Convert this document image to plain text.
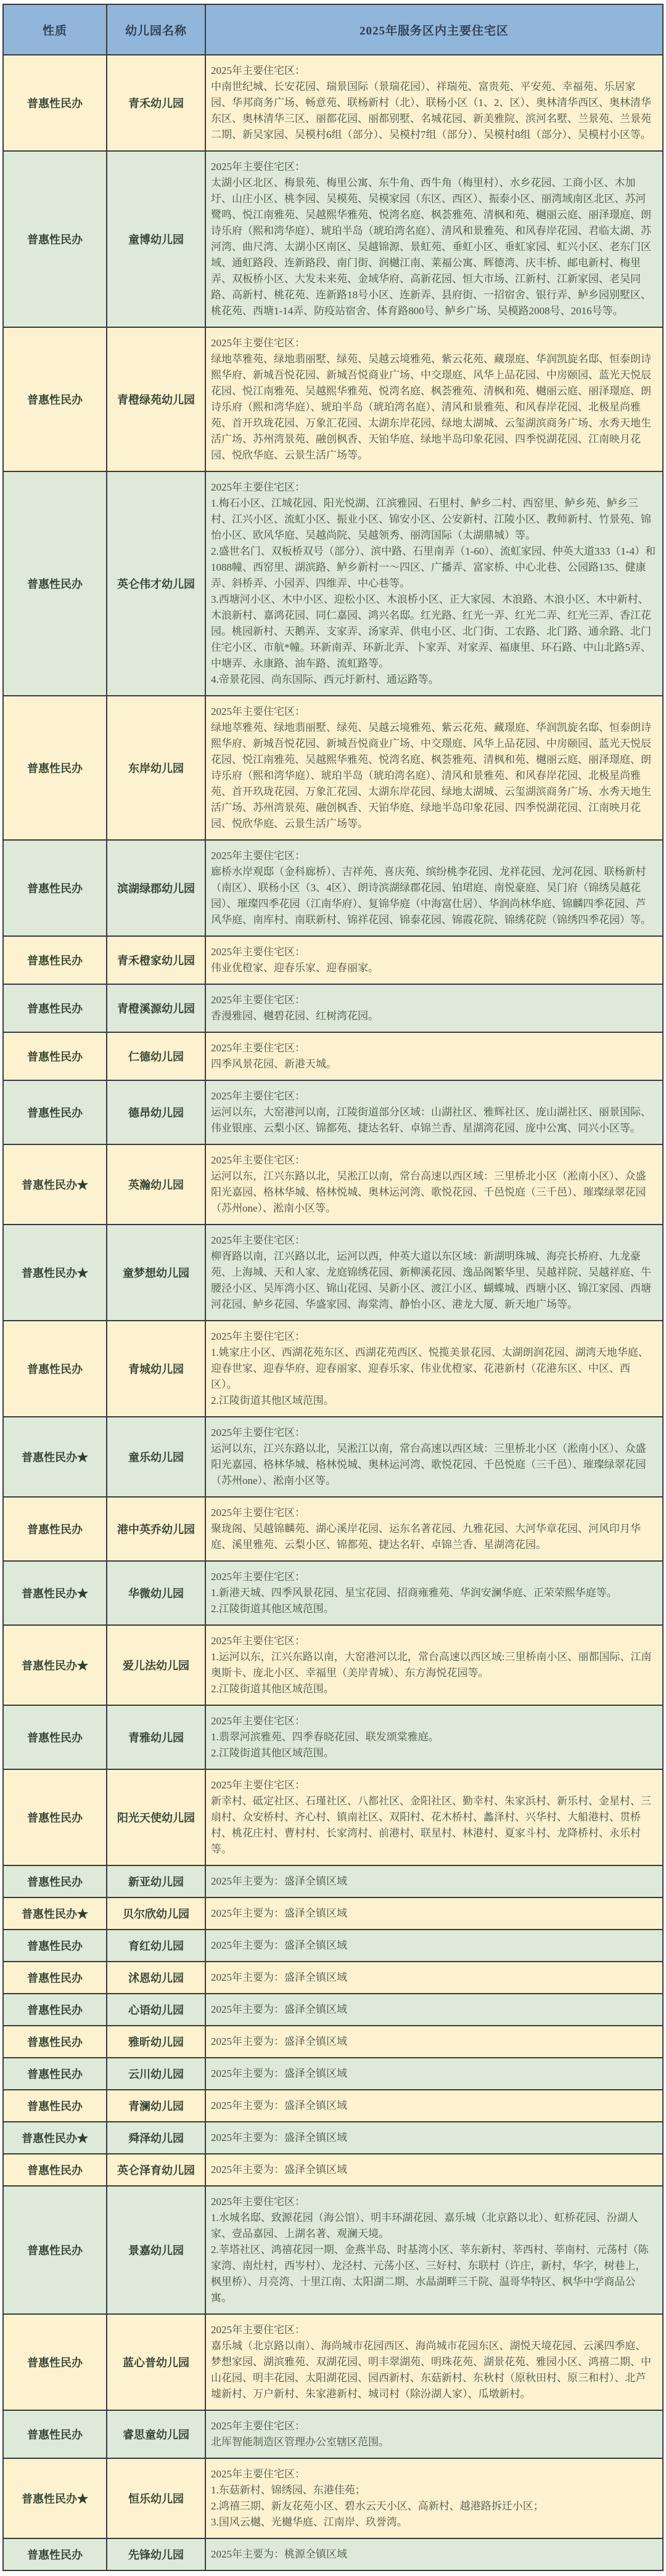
性质	幼儿园名称	2025年服务区内主要住宅区
普惠性民办	青禾幼儿园	2025年主要住宅区：
中南世纪城、长安花园、瑞景国际（景瑞花园）、祥瑞苑、富贵苑、平安苑、幸福苑、乐居家园、华邦商务广场、畅意苑、联杨新村（北）、联杨小区（1、2、区）、奥林清华西区、奥林清华东区、奥林清华三区、丽都花园、丽都别墅、名城花园、新美雅院、滨河名墅、兰景苑、兰景苑二期、新吴家园、吴模村6组（部分）、吴模村7组（部分）、吴模村8组（部分）、吴模村小区等。

普惠性民办	童博幼儿园	2025年主要住宅区：
太湖小区北区、梅景苑、梅里公寓、东牛角、西牛角（梅里村）、水乡花园、工商小区、木加圩、山庄小区、桃李园、吴模苑、吴模家园（东区、西区）、振泰小区、丽湾域南区北区、苏河鹭鸣、悦江南雅苑、吴越熙华雅苑、悦湾名庭、枫荟雅苑、清枫和苑、樾丽云庭、丽泽璟庭、朗诗乐府（熙和湾华庭）、琥珀半岛（琥珀湾名庭）、清风和景雅苑、和风春岸花园、君临太湖、苏河湾、曲尺湾、太湖小区南区、吴越锦源、景虹苑、垂虹小区、垂虹家园、虹兴小区、老东门区域、通虹路段、连新路段、南门街、润樾江南、莱福公寓、辉德湾、庆丰桥、邮电新村、梅里弄、双板桥小区、大发未来苑、金域华府、高新花园、恒大市场、江新村、江新家园、老吴同路、高新村、桃花苑、连新路18号小区、连新弄、县府街、一招宿舍、银行弄、鲈乡园别墅区、桃花苑、西塘1-14弄、防疫站宿舍、体育路800号、鲈乡广场、吴模路2008号、2016号等。

普惠性民办	青橙绿苑幼儿园	2025年主要住宅区：
绿地萃雅苑、绿地翡丽墅、绿苑、吴越云境雅苑、紫云花苑、藏璟庭、华润凯旋名邸、恒泰朗诗熙华府、新城吾悦花园、新城吾悦商业广场、中交璟庭、风华上品花园、中房颐园、蓝光天悦辰花园、悦江南雅苑、吴越熙华雅苑、悦湾名庭、枫荟雅苑、清枫和苑、樾丽云庭、丽泽璟庭、朗诗乐府（熙和湾华庭）、琥珀半岛（琥珀湾名庭）、清风和景雅苑、和风春岸花园、北极星尚雅苑、首开玖珑花园、万象汇花园、太湖东岸花园、绿地太湖城、云玺湖滨商务广场、水秀天地生活广场、苏州湾景苑、融创枫香、天铂华庭、绿地半岛印象花园、四季悦湖花园、江南映月花园、悦欣华庭、云景生活广场等。

普惠性民办	英仑伟才幼儿园	2025年主要住宅区：
1.梅石小区、江城花园、阳光悦湖、江滨雅园、石里村、鲈乡二村、西窑里、鲈乡苑、鲈乡三村、江兴小区、流虹小区、振业小区、锦安小区、公安新村、江陵小区、教师新村、竹景苑、锦怡小区、欧风华庭、吴越尚院、吴越领秀、丽湾国际（太湖鼎城）等。
2.盛世名门、双板桥双号（部分）、滨中路、石里南弄（1-60）、流虹家园、仲英大道333（1-4）和1088幢、西窑里、湖滨路、鲈乡新村一～四区、广播弄、富家桥、中心北巷、公园路135、健康弄、斜桥弄、小园弄、四维弄、中心巷等。
3.西塘河小区、木中小区、迎松小区、木浪桥小区、正大家园、木浪路、木浪小区、木中新村、木浪新村、嘉鸿花园、同仁嘉园、鸿兴名邸。红光路、红光一弄、红光二弄、红光三弄、香江花园。桃园新村、天鹅弄、支家弄、汤家弄、供电小区、北门街、工农路、北门路、通余路、北门住宅小区、市航*幢。环新南弄、环新北弄、卜家弄、对家弄、福康里、环石路、中山北路5弄、中塘弄、永康路、油车路、流虹路等。
4.帝景花园、尚东国际、西元圩新村、通运路等。

普惠性民办	东岸幼儿园	2025年主要住宅区：
绿地萃雅苑、绿地翡丽墅、绿苑、吴越云境雅苑、紫云花苑、藏璟庭、华润凯旋名邸、恒泰朗诗熙华府、新城吾悦花园、新城吾悦商业广场、中交璟庭、风华上品花园、中房颐园、蓝光天悦辰花园、悦江南雅苑、吴越熙华雅苑、悦湾名庭、枫荟雅苑、清枫和苑、樾丽云庭、丽泽璟庭、朗诗乐府（熙和湾华庭）、琥珀半岛（琥珀湾名庭）、清风和景雅苑、和风春岸花园、北极星尚雅苑、首开玖珑花园、万象汇花园、太湖东岸花园、绿地太湖城、云玺湖滨商务广场、水秀天地生活广场、苏州湾景苑、融创枫香、天铂华庭、绿地半岛印象花园、四季悦湖花园、江南映月花园、悦欣华庭、云景生活广场等。

普惠性民办	滨湖绿郡幼儿园	2025年主要住宅区：
廊桥水岸观邸（金科廊桥）、吉祥苑、喜庆苑、缤纷桃李花园、龙祥花园、龙河花园、联杨新村（南区）、联杨小区（3、4区）、朗诗滨湖绿郡花园、铂珺庭、南悦豪庭、吴门府（锦绣吴越花园）、璀璨四季花园（江南华府）、复锦华庭（中海富仕居）、华润尚林华庭、锦麟四季花园、芦风华庭、南库村、南联新村、锦祥花园、锦泰花园、锦霞花院、锦绣花院（锦绣四季花园）等。

普惠性民办	青禾橙家幼儿园	2025年主要住宅区：
伟业优橙家、迎春乐家、迎春丽家。

普惠性民办	青橙溪源幼儿园	2025年主要住宅区：
香漫雅园、樾碧花园、红树湾花园。

普惠性民办	仁德幼儿园	2025年主要住宅区：
四季风景花园、新港天城。

普惠性民办	德昂幼儿园	2025年主要住宅区：
运河以东，大窑港河以南，江陵街道部分区域：山湖社区、雅辉社区、庞山湖社区、丽景国际、伟业银座、云梨小区、锦都苑、捷达名轩、卓锦兰香、星湖湾花园、庞中公寓、同兴小区等。

普惠性民办★	英瀚幼儿园	2025年主要住宅区：
运河以东，江兴东路以北，吴淞江以南，常台高速以西区域：三里桥北小区（淞南小区）、众盛阳光嘉园、格林华城、格林悦城、奥林运河湾、歌悦花园、千邑悦庭（三千邑）、璀璨绿翠花园（苏州one）、淞南小区等。

普惠性民办★	童梦想幼儿园	2025年主要住宅区：
柳胥路以南，江兴路以北，运河以西，仲英大道以东区域：新湖明珠城、海亮长桥府、九龙豪苑、上海城、天和人家、龙庭锦绣花园、新柳溪花园、逸品阁繁华里、吴越祥院、吴越祥庭、牛腰泾小区、吴厍湾小区、锦山花园、吴新小区、渡江小区、蝴蝶城、西塘小区、锦江家园、西塘河花园、鲈乡花园、华盛家园、海棠湾、静怡小区、港龙大厦、新天地广场等。

普惠性民办	青城幼儿园	2025年主要住宅区：
1.姚家庄小区、西湖花苑东区、西湖花苑西区、悦揽美景花园、太湖朗润花园、湖湾天地华庭、迎春世家、迎春华府、迎春丽家、迎春乐家、伟业优橙家、花港新村（花港东区、中区、西区）。
2.江陵街道其他区域范围。

普惠性民办★	童乐幼儿园	2025年主要住宅区：
运河以东，江兴东路以北，吴淞江以南，常台高速以西区域：三里桥北小区（淞南小区）、众盛阳光嘉园、格林华城、格林悦城、奥林运河湾、歌悦花园、千邑悦庭（三千邑）、璀璨绿翠花园（苏州one）、淞南小区等。

普惠性民办	港中英乔幼儿园	2025年主要住宅区：
聚珑阁、吴越锦麟苑、湖心溪岸花园、运东名著花园、九雅花园、大河华章花园、河风印月华庭、溪里雅苑、云梨小区、锦都苑、捷达名轩、卓锦兰香、星湖湾花园。

普惠性民办★	华微幼儿园	2025年主要住宅区：
1.新港天城、四季风景花园、星宝花园、招商雍雅苑、华润安澜华庭、正荣荣熙华庭等。
2.江陵街道其他区域范围。

普惠性民办★	爱儿法幼儿园	2025年主要住宅区：
1.运河以东，江兴东路以南，大窑港河以北，常台高速以西区域:三里桥南小区、丽都国际、江南奥斯卡、庞北小区、幸福里（美岸青城）、东方海悦花园等。
2.江陵街道其他区域范围。

普惠性民办	青雅幼儿园	2025年主要住宅区：
1.翡翠河滨雅苑、四季春晓花园、联发颂棠雅庭。
2.江陵街道其他区域范围。

普惠性民办	阳光天使幼儿园	2025年主要住宅区：
新幸村、砥定社区、石瑾社区、八都社区、金阳社区、勤幸村、朱家浜村、新乐村、金星村、三扇村、众安桥村、齐心村、镇南社区、双阳村、花木桥村、蠡泽村、兴华村、大船港村、贯桥村、桃花庄村、曹村村、长家湾村、前港村、联星村、林港村、夏家斗村、龙降桥村、永乐村等。

普惠性民办	新亚幼儿园	2025年主要为：盛泽全镇区域

普惠性民办★	贝尔欣幼儿园	2025年主要为：盛泽全镇区域

普惠性民办	育红幼儿园	2025年主要为：盛泽全镇区域

普惠性民办	沭恩幼儿园	2025年主要为：盛泽全镇区域

普惠性民办	心语幼儿园	2025年主要为：盛泽全镇区域

普惠性民办	雅昕幼儿园	2025年主要为：盛泽全镇区域

普惠性民办	云川幼儿园	2025年主要为：盛泽全镇区域

普惠性民办	青澜幼儿园	2025年主要为：盛泽全镇区域

普惠性民办★	舜泽幼儿园	2025年主要为：盛泽全镇区域

普惠性民办	英仑泽育幼儿园	2025年主要为：盛泽全镇区域

普惠性民办	景嘉幼儿园	2025年主要住宅区：
1.水城名邸、致源花园（海公馆）、明丰环湖花园、嘉乐城（北京路以北）、虹桥花园、汾湖人家、壹品嘉园、上湖名著、观澜天境。
2.莘塔社区、鸿禧花园一期、金燕半岛、时基湾小区、莘东新村、莘西村、莘南村、元荡村（陈家湾、南灶村，西岑村）、龙泾村、元荡小区、三好村、东联村（许庄，新村，华字，树巷上，枫里桥）、月亮湾、十里江南、太阳湖二期、水晶湖畔三千院、温哥华特区、枫华中学商品公寓。

普惠性民办	蓝心普幼儿园	2025年主要住宅区：
嘉乐城（北京路以南）、海尚城市花园西区、海尚城市花园东区、湖悦天境花园、云溪四季庭、梦想家园、湖滨雅苑、双湖花园、明丰翠湖苑、明珠花苑、湖景花苑、雅园小区、鸿禧二期、中山花园、明丰花园、太阳湖花园、园西新村、东菇新村、东秋村（原秋田村、原三和村）、北芦墟新村、万户新村、朱家港新村、城司村（除汾湖人家）、瓜墩新村。

普惠性民办	睿思童幼儿园	2025年主要住宅区：
北厍智能制造区管理办公室辖区范围。

普惠性民办★	恒乐幼儿园	2025年主要住宅区：
1.东菇新村、锦绣园、东港佳苑；
2.鸿禧三期、新友花苑小区、碧水云天小区、高新村、越港路拆迁小区；
3.国风云樾、光樾华庭、江南岸、玖誉湾。

普惠性民办	先锋幼儿园	2025年主要为：桃源全镇区域
